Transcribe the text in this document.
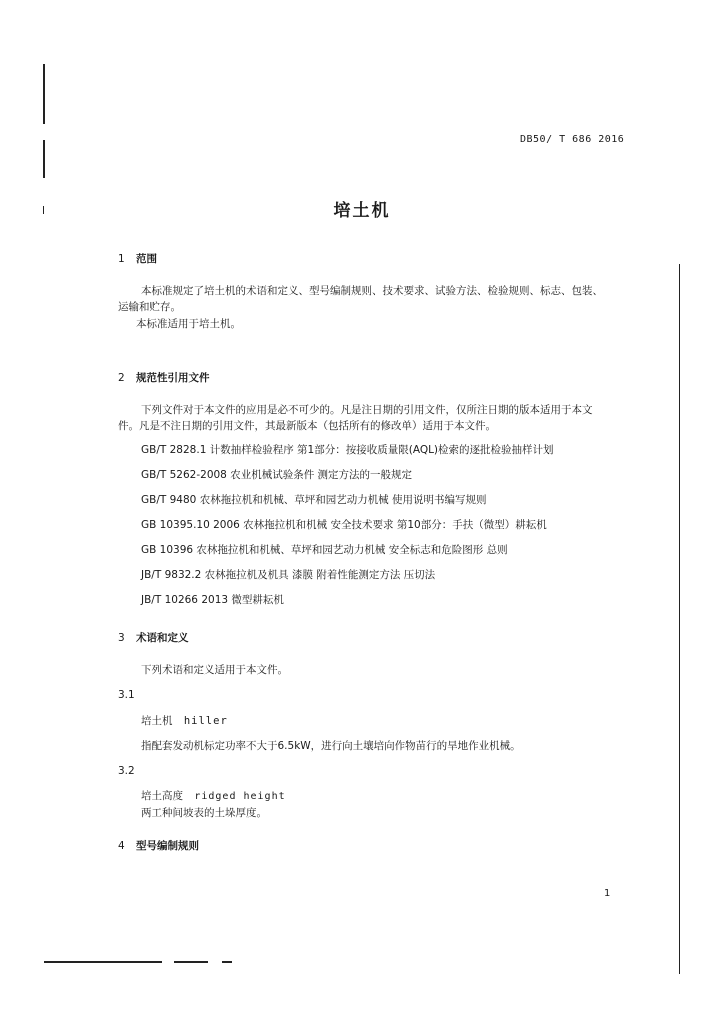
DB50/ T 686 2016
培土机
1 范围
本标准规定了培土机的术语和定义、型号编制规则、技术要求、试验方法、检验规则、标志、包装、
运输和贮存。
本标准适用于培土机。
2 规范性引用文件
下列文件对于本文件的应用是必不可少的。凡是注日期的引用文件，仅所注日期的版本适用于本文
件。凡是不注日期的引用文件，其最新版本（包括所有的修改单）适用于本文件。
GB/T 2828.1 计数抽样检验程序 第1部分：按接收质量限(AQL)检索的逐批检验抽样计划
GB/T 5262-2008 农业机械试验条件 测定方法的一般规定
GB/T 9480 农林拖拉机和机械、草坪和园艺动力机械 使用说明书编写规则
GB 10395.10 2006 农林拖拉机和机械 安全技术要求 第10部分：手扶（微型）耕耘机
GB 10396 农林拖拉机和机械、草坪和园艺动力机械 安全标志和危险图形 总则
JB/T 9832.2 农林拖拉机及机具 漆膜 附着性能测定方法 压切法
JB/T 10266 2013 微型耕耘机
3 术语和定义
下列术语和定义适用于本文件。
3.1
培土机 hiller
指配套发动机标定功率不大于6.5kW，进行向土壤培向作物苗行的旱地作业机械。
3.2
培土高度 ridged height
两工种间坡表的土垛厚度。
4 型号编制规则
1
